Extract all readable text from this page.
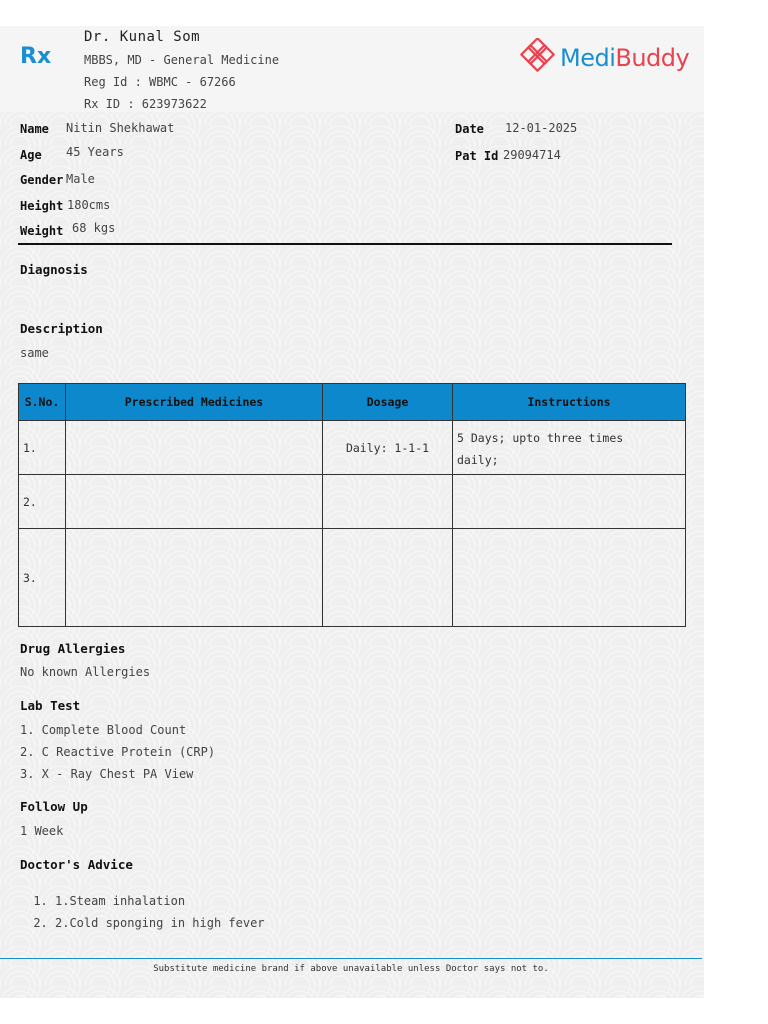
Rx
Dr. Kunal Som
MBBS, MD - General Medicine
Reg Id : WBMC - 67266
Rx ID : 623973622
MediBuddy
Name Nitin Shekhawat
Age 45 Years
Gender Male
Height 180cms
Weight 68 kgs
Date 12-01-2025
Pat Id 29094714
Diagnosis
Description
same
S.No.	Prescribed Medicines	Dosage	Instructions
1.		Daily: 1-1-1	5 Days; upto three times
daily;

2.			
3.			
Drug Allergies
No known Allergies
Lab Test
1. Complete Blood Count
2. C Reactive Protein (CRP)
3. X - Ray Chest PA View
Follow Up
1 Week
Doctor's Advice
1. 1.Steam inhalation
2. 2.Cold sponging in high fever
Substitute medicine brand if above unavailable unless Doctor says not to.
